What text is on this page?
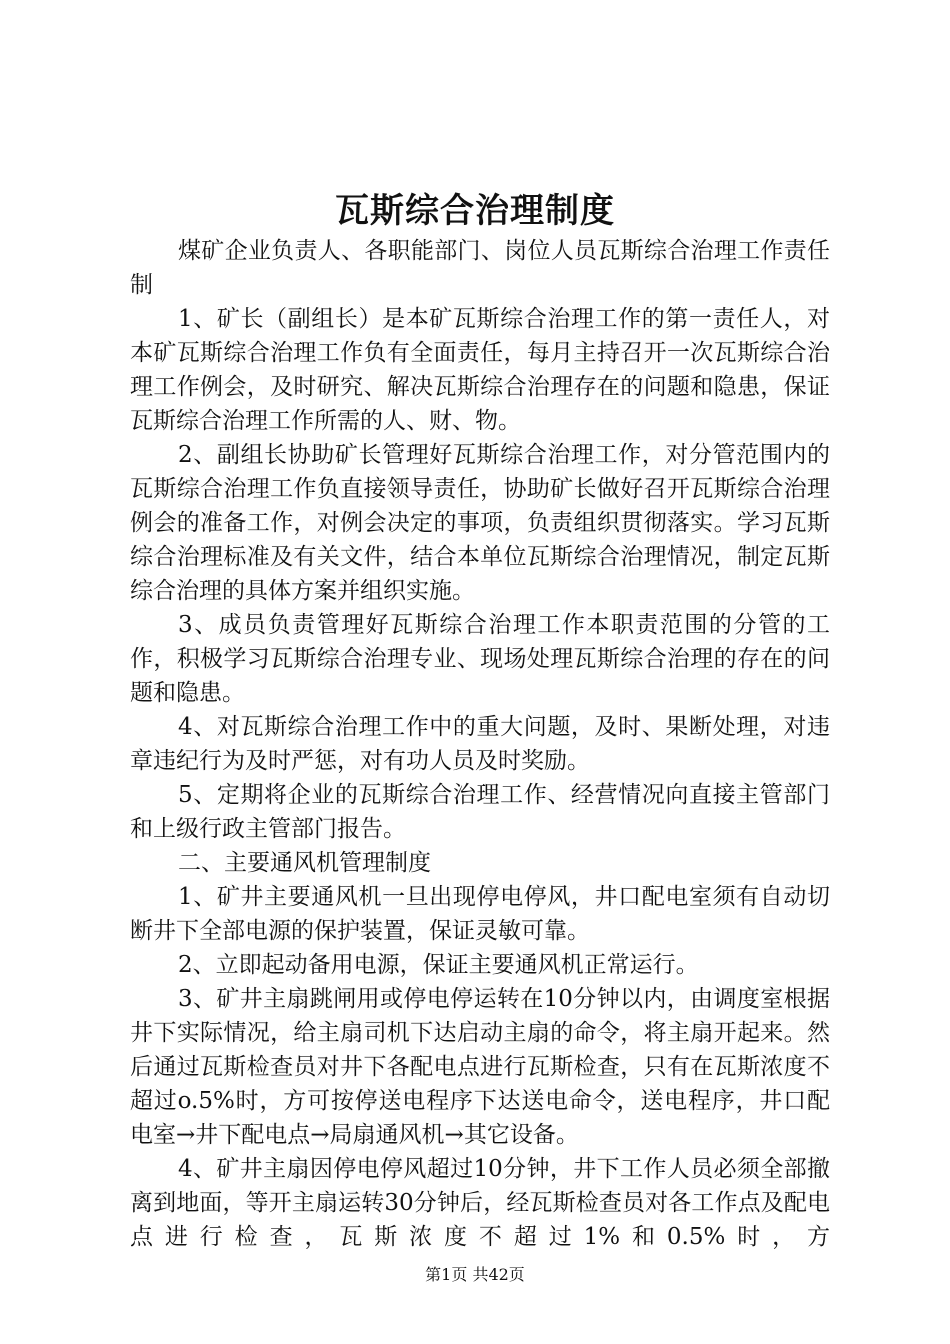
瓦斯综合治理制度

煤矿企业负责人、各职能部门、岗位人员瓦斯综合治理工作责任制

1、矿长（副组长）是本矿瓦斯综合治理工作的第一责任人，对本矿瓦斯综合治理工作负有全面责任，每月主持召开一次瓦斯综合治理工作例会，及时研究、解决瓦斯综合治理存在的问题和隐患，保证瓦斯综合治理工作所需的人、财、物。

2、副组长协助矿长管理好瓦斯综合治理工作，对分管范围内的瓦斯综合治理工作负直接领导责任，协助矿长做好召开瓦斯综合治理例会的准备工作，对例会决定的事项，负责组织贯彻落实。学习瓦斯综合治理标准及有关文件，结合本单位瓦斯综合治理情况，制定瓦斯综合治理的具体方案并组织实施。

3、成员负责管理好瓦斯综合治理工作本职责范围的分管的工作，积极学习瓦斯综合治理专业、现场处理瓦斯综合治理的存在的问题和隐患。

4、对瓦斯综合治理工作中的重大问题，及时、果断处理，对违章违纪行为及时严惩，对有功人员及时奖励。

5、定期将企业的瓦斯综合治理工作、经营情况向直接主管部门和上级行政主管部门报告。

二、主要通风机管理制度

1、矿井主要通风机一旦出现停电停风，井口配电室须有自动切断井下全部电源的保护装置，保证灵敏可靠。

2、立即起动备用电源，保证主要通风机正常运行。

3、矿井主扇跳闸用或停电停运转在10分钟以内，由调度室根据井下实际情况，给主扇司机下达启动主扇的命令，将主扇开起来。然后通过瓦斯检查员对井下各配电点进行瓦斯检查，只有在瓦斯浓度不超过o.5%时，方可按停送电程序下达送电命令，送电程序，井口配电室→井下配电点→局扇通风机→其它设备。

4、矿井主扇因停电停风超过10分钟，井下工作人员必须全部撤离到地面，等开主扇运转30分钟后，经瓦斯检查员对各工作点及配电点进行检查，瓦斯浓度不超过1%和0.5%时，方

第1页 共42页
